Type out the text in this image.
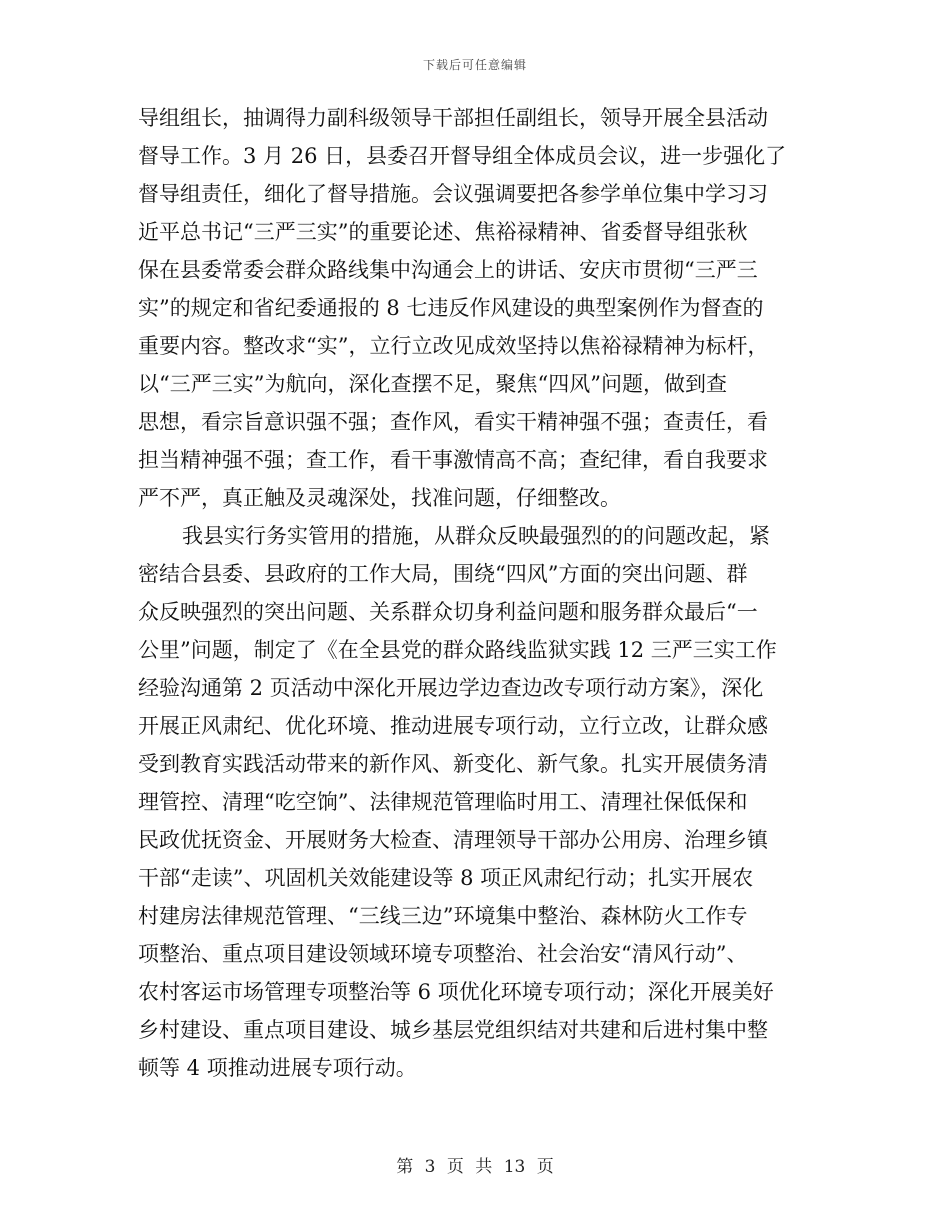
下载后可任意编辑
导组组长，抽调得力副科级领导干部担任副组长，领导开展全县活动
督导工作。3 月 26 日，县委召开督导组全体成员会议，进一步强化了
督导组责任，细化了督导措施。会议强调要把各参学单位集中学习习
近平总书记“三严三实”的重要论述、焦裕禄精神、省委督导组张秋
保在县委常委会群众路线集中沟通会上的讲话、安庆市贯彻“三严三
实”的规定和省纪委通报的 8 七违反作风建设的典型案例作为督查的
重要内容。整改求“实”，立行立改见成效坚持以焦裕禄精神为标杆，
以“三严三实”为航向，深化查摆不足，聚焦“四风”问题，做到查
思想，看宗旨意识强不强；查作风，看实干精神强不强；查责任，看
担当精神强不强；查工作，看干事激情高不高；查纪律，看自我要求
严不严，真正触及灵魂深处，找准问题，仔细整改。
我县实行务实管用的措施，从群众反映最强烈的的问题改起，紧
密结合县委、县政府的工作大局，围绕“四风”方面的突出问题、群
众反映强烈的突出问题、关系群众切身利益问题和服务群众最后“一
公里”问题，制定了《在全县党的群众路线监狱实践 12 三严三实工作
经验沟通第 2 页活动中深化开展边学边查边改专项行动方案》，深化
开展正风肃纪、优化环境、推动进展专项行动，立行立改，让群众感
受到教育实践活动带来的新作风、新变化、新气象。扎实开展债务清
理管控、清理“吃空饷”、法律规范管理临时用工、清理社保低保和
民政优抚资金、开展财务大检查、清理领导干部办公用房、治理乡镇
干部“走读”、巩固机关效能建设等 8 项正风肃纪行动；扎实开展农
村建房法律规范管理、“三线三边”环境集中整治、森林防火工作专
项整治、重点项目建设领域环境专项整治、社会治安“清风行动”、
农村客运市场管理专项整治等 6 项优化环境专项行动；深化开展美好
乡村建设、重点项目建设、城乡基层党组织结对共建和后进村集中整
顿等 4 项推动进展专项行动。
第 3 页 共 13 页
